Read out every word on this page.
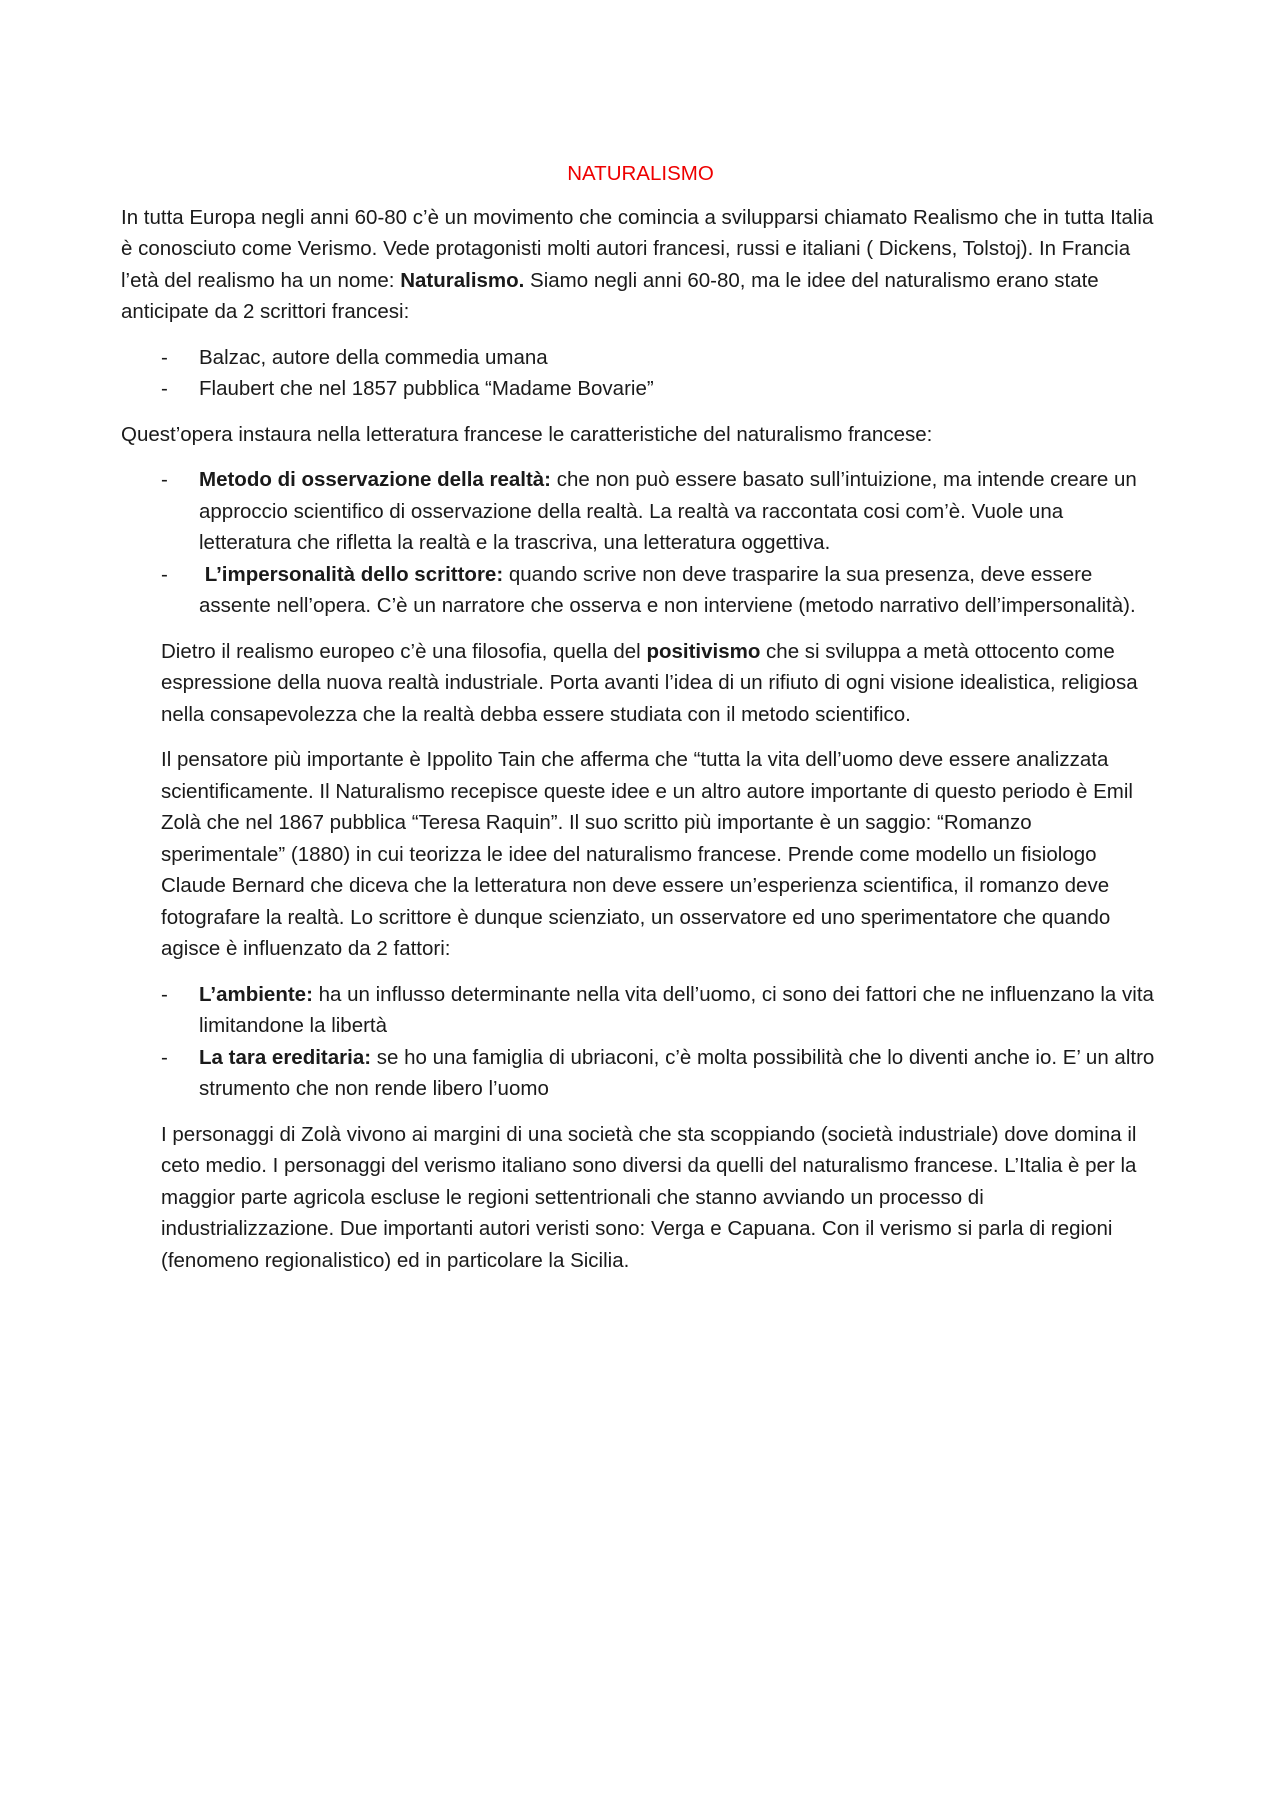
NATURALISMO

In tutta Europa negli anni 60-80 c’è un movimento che comincia a svilupparsi chiamato Realismo che in tutta Italia è conosciuto come Verismo. Vede protagonisti molti autori francesi, russi e italiani ( Dickens, Tolstoj). In Francia l’età del realismo ha un nome: Naturalismo. Siamo negli anni 60-80, ma le idee del naturalismo erano state anticipate da 2 scrittori francesi:

- Balzac, autore della commedia umana
- Flaubert che nel 1857 pubblica “Madame Bovarie”

Quest’opera instaura nella letteratura francese le caratteristiche del naturalismo francese:

- Metodo di osservazione della realtà: che non può essere basato sull’intuizione, ma intende creare un approccio scientifico di osservazione della realtà. La realtà va raccontata cosi com’è. Vuole una letteratura che rifletta la realtà e la trascriva, una letteratura oggettiva.
- L’impersonalità dello scrittore: quando scrive non deve trasparire la sua presenza, deve essere assente nell’opera. C’è un narratore che osserva e non interviene (metodo narrativo dell’impersonalità).

Dietro il realismo europeo c’è una filosofia, quella del positivismo che si sviluppa a metà ottocento come espressione della nuova realtà industriale. Porta avanti l’idea di un rifiuto di ogni visione idealistica, religiosa nella consapevolezza che la realtà debba essere studiata con il metodo scientifico.

Il pensatore più importante è Ippolito Tain che afferma che “tutta la vita dell’uomo deve essere analizzata scientificamente. Il Naturalismo recepisce queste idee e un altro autore importante di questo periodo è Emil Zolà che nel 1867 pubblica “Teresa Raquin”. Il suo scritto più importante è un saggio: “Romanzo sperimentale” (1880) in cui teorizza le idee del naturalismo francese. Prende come modello un fisiologo Claude Bernard che diceva che la letteratura non deve essere un’esperienza scientifica, il romanzo deve fotografare la realtà. Lo scrittore è dunque scienziato, un osservatore ed uno sperimentatore che quando agisce è influenzato da 2 fattori:

- L’ambiente: ha un influsso determinante nella vita dell’uomo, ci sono dei fattori che ne influenzano la vita limitandone la libertà
- La tara ereditaria: se ho una famiglia di ubriaconi, c’è molta possibilità che lo diventi anche io. E’ un altro strumento che non rende libero l’uomo

I personaggi di Zolà vivono ai margini di una società che sta scoppiando (società industriale) dove domina il ceto medio. I personaggi del verismo italiano sono diversi da quelli del naturalismo francese. L’Italia è per la maggior parte agricola escluse le regioni settentrionali che stanno avviando un processo di industrializzazione. Due importanti autori veristi sono: Verga e Capuana. Con il verismo si parla di regioni (fenomeno regionalistico) ed in particolare la Sicilia.
